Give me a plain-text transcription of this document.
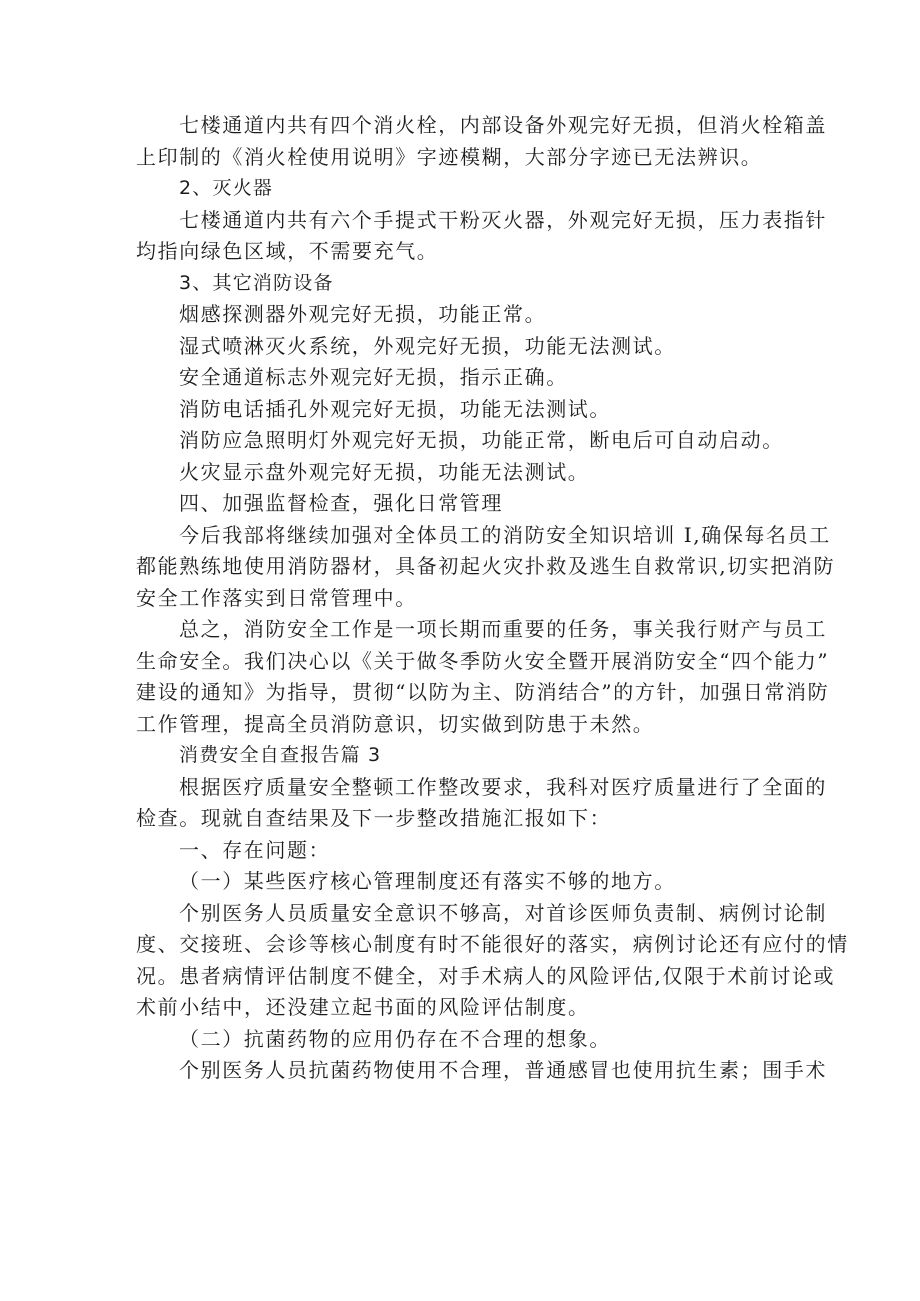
七楼通道内共有四个消火栓，内部设备外观完好无损，但消火栓箱盖
上印制的《消火栓使用说明》字迹模糊，大部分字迹已无法辨识。
2、灭火器
七楼通道内共有六个手提式干粉灭火器，外观完好无损，压力表指针
均指向绿色区域，不需要充气。
3、其它消防设备
烟感探测器外观完好无损，功能正常。
湿式喷淋灭火系统，外观完好无损，功能无法测试。
安全通道标志外观完好无损，指示正确。
消防电话插孔外观完好无损，功能无法测试。
消防应急照明灯外观完好无损，功能正常，断电后可自动启动。
火灾显示盘外观完好无损，功能无法测试。
四、加强监督检查，强化日常管理
今后我部将继续加强对全体员工的消防安全知识培训 I,确保每名员工
都能熟练地使用消防器材，具备初起火灾扑救及逃生自救常识,切实把消防
安全工作落实到日常管理中。
总之，消防安全工作是一项长期而重要的任务，事关我行财产与员工
生命安全。我们决心以《关于做冬季防火安全暨开展消防安全“四个能力”
建设的通知》为指导，贯彻“以防为主、防消结合”的方针，加强日常消防
工作管理，提高全员消防意识，切实做到防患于未然。
消费安全自查报告篇 3
根据医疗质量安全整顿工作整改要求，我科对医疗质量进行了全面的
检查。现就自查结果及下一步整改措施汇报如下：
一、存在问题：
（一）某些医疗核心管理制度还有落实不够的地方。
个别医务人员质量安全意识不够高，对首诊医师负责制、病例讨论制
度、交接班、会诊等核心制度有时不能很好的落实，病例讨论还有应付的情
况。患者病情评估制度不健全，对手术病人的风险评估,仅限于术前讨论或
术前小结中，还没建立起书面的风险评估制度。
（二）抗菌药物的应用仍存在不合理的想象。
个别医务人员抗菌药物使用不合理，普通感冒也使用抗生素；围手术
